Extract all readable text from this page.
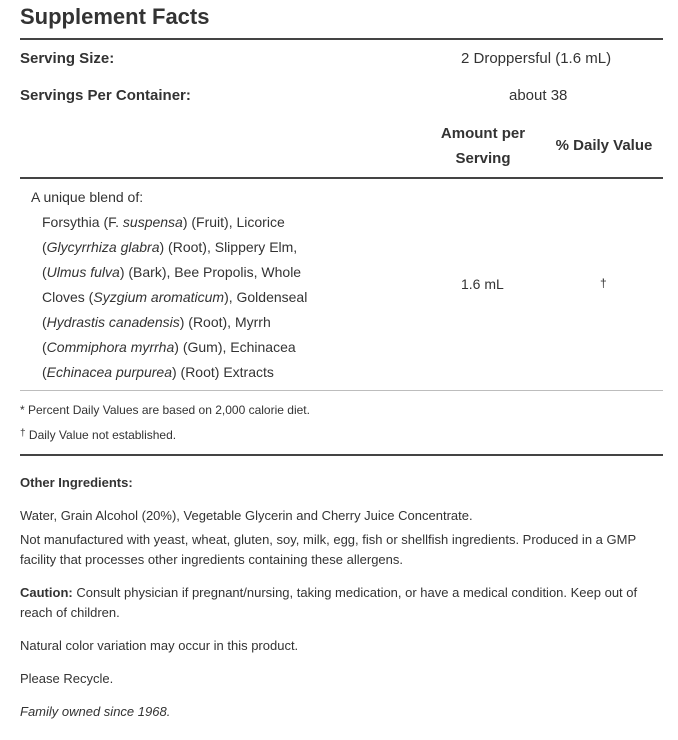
Supplement Facts
Serving Size:	2 Droppersful (1.6 mL)
Servings Per Container:	about 38
Amount per
Serving
% Daily Value
A unique blend of:
Forsythia (F. suspensa) (Fruit), Licorice
(Glycyrrhiza glabra) (Root), Slippery Elm,
(Ulmus fulva) (Bark), Bee Propolis, Whole
Cloves (Syzgium aromaticum), Goldenseal
(Hydrastis canadensis) (Root), Myrrh
(Commiphora myrrha) (Gum), Echinacea
(Echinacea purpurea) (Root) Extracts
1.6 mL	†
* Percent Daily Values are based on 2,000 calorie diet.
† Daily Value not established.
Other Ingredients:
Water, Grain Alcohol (20%), Vegetable Glycerin and Cherry Juice Concentrate.
Not manufactured with yeast, wheat, gluten, soy, milk, egg, fish or shellfish ingredients. Produced in a GMP facility that processes other ingredients containing these allergens.
Caution: Consult physician if pregnant/nursing, taking medication, or have a medical condition. Keep out of reach of children.
Natural color variation may occur in this product.
Please Recycle.
Family owned since 1968.
